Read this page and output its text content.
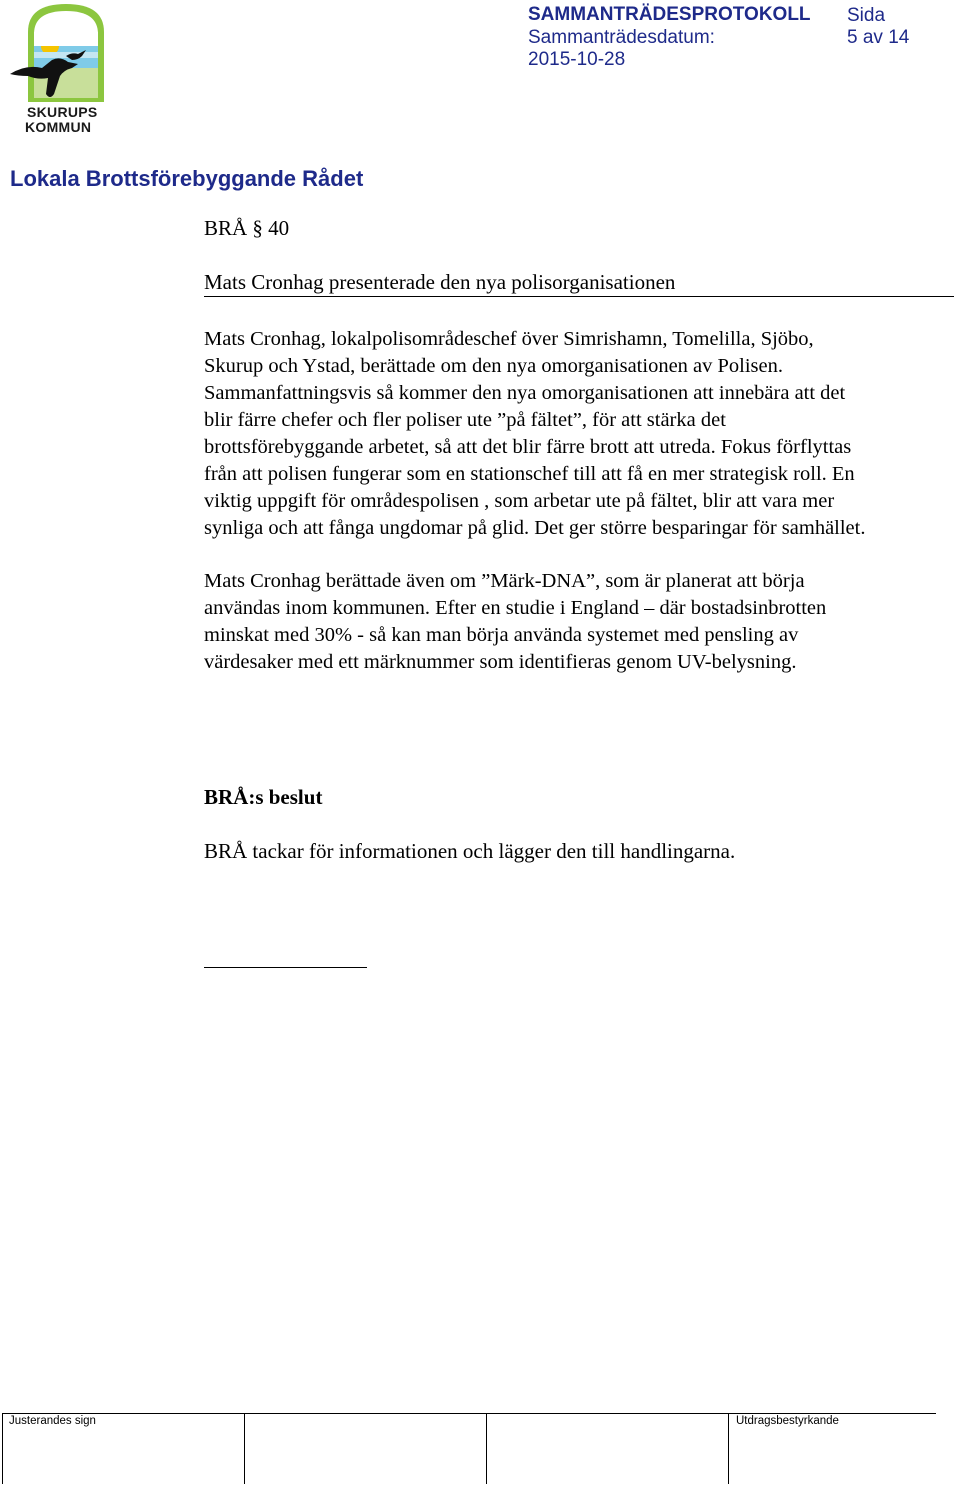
SKURUPS
KOMMUN
SAMMANTRÄDESPROTOKOLL
Sammanträdesdatum:
2015-10-28
Sida
5 av 14
Lokala Brottsförebyggande Rådet
BRÅ § 40
Mats Cronhag presenterade den nya polisorganisationen
Mats Cronhag, lokalpolisområdeschef över Simrishamn, Tomelilla, Sjöbo,
Skurup och Ystad, berättade om den nya omorganisationen av Polisen.
Sammanfattningsvis så kommer den nya omorganisationen att innebära att det
blir färre chefer och fler poliser ute ”på fältet”, för att stärka det
brottsförebyggande arbetet, så att det blir färre brott att utreda. Fokus förflyttas
från att polisen fungerar som en stationschef till att få en mer strategisk roll. En
viktig uppgift för områdespolisen , som arbetar ute på fältet, blir att vara mer
synliga och att fånga ungdomar på glid. Det ger större besparingar för samhället.
Mats Cronhag berättade även om ”Märk-DNA”, som är planerat att börja
användas inom kommunen. Efter en studie i England – där bostadsinbrotten
minskat med 30% - så kan man börja använda systemet med pensling av
värdesaker med ett märknummer som identifieras genom UV-belysning.
BRÅ:s beslut
BRÅ tackar för informationen och lägger den till handlingarna.
Justerandes sign	Utdragsbestyrkande
